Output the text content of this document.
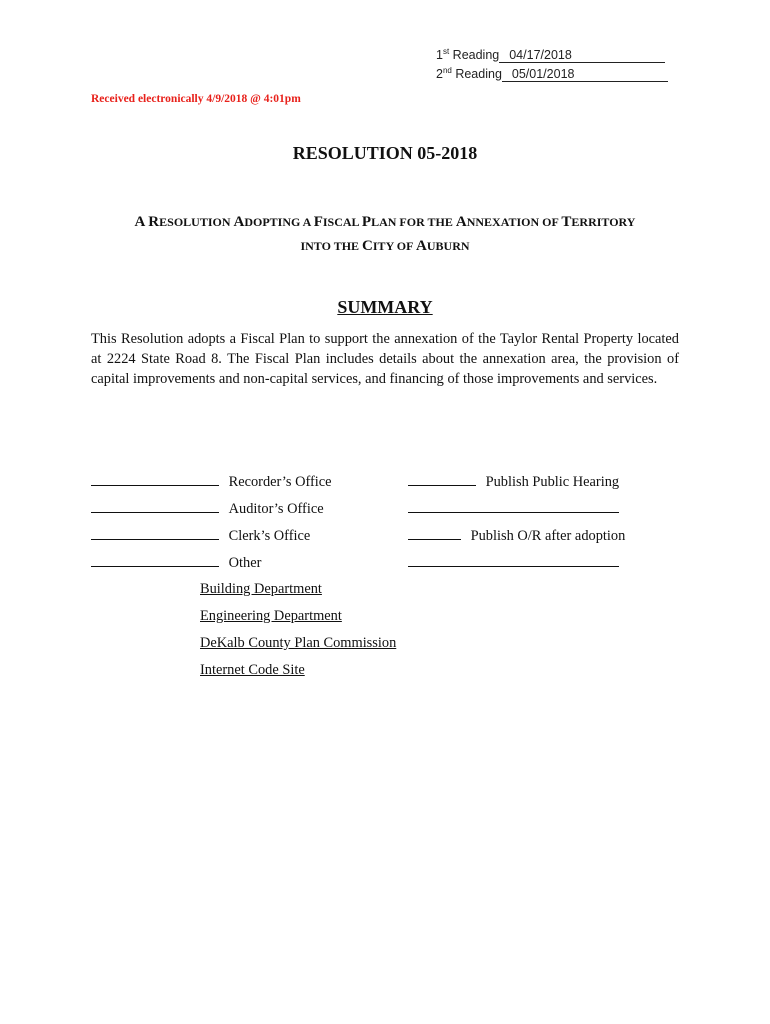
1st Reading 04/17/2018
2nd Reading 05/01/2018
Received electronically 4/9/2018 @ 4:01pm
RESOLUTION 05-2018
A RESOLUTION ADOPTING A FISCAL PLAN FOR THE ANNEXATION OF TERRITORY
INTO THE CITY OF AUBURN
SUMMARY
This Resolution adopts a Fiscal Plan to support the annexation of the Taylor Rental Property located at 2224 State Road 8. The Fiscal Plan includes details about the annexation area, the provision of capital improvements and non-capital services, and financing of those improvements and services.
Recorder’s Office
Auditor’s Office
Clerk’s Office
Other
Publish Public Hearing
Publish O/R after adoption
Building Department
Engineering Department
DeKalb County Plan Commission
Internet Code Site
